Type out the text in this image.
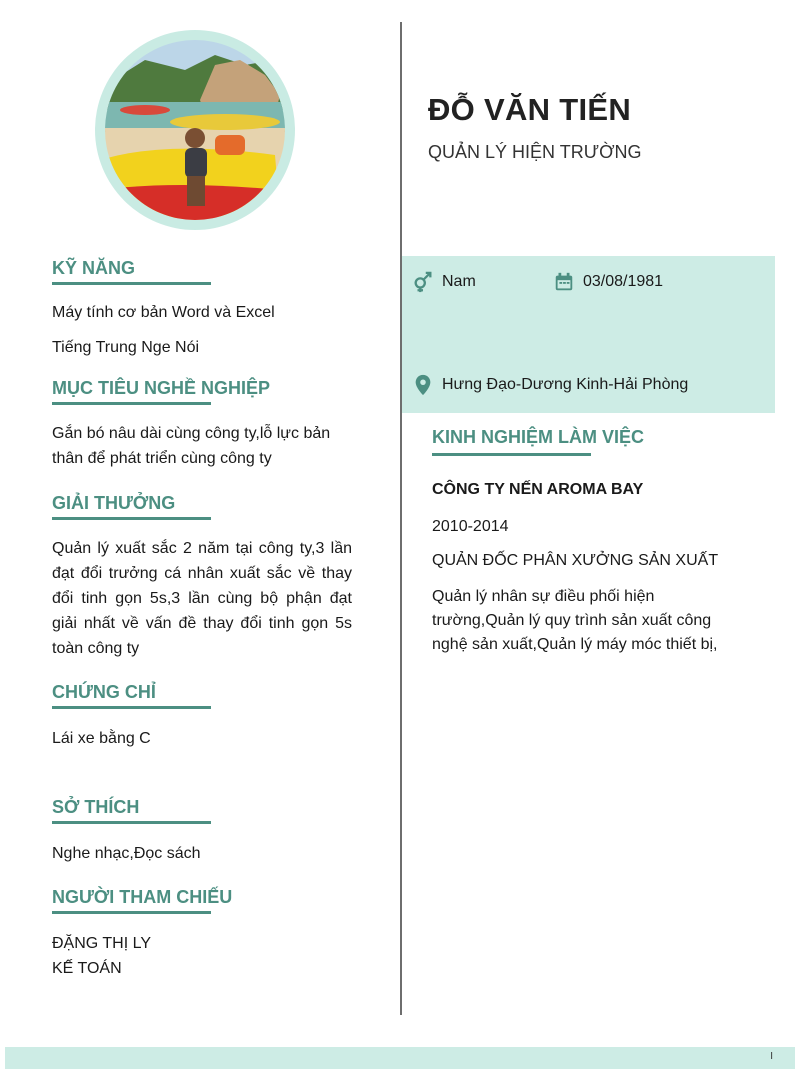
KỸ NĂNG
Máy tính cơ bản Word và Excel
Tiếng Trung Nge Nói
MỤC TIÊU NGHỀ NGHIỆP
Gắn bó nâu dài cùng công ty,lỗ lực bản thân để phát triển cùng công ty
GIẢI THƯỞNG
Quản lý xuất sắc 2 năm tại công ty,3 lần đạt đổi trưởng cá nhân xuất sắc về thay đổi tinh gọn 5s,3 lần cùng bộ phận đạt giải nhất về vấn đề thay đổi tinh gọn 5s toàn công ty
CHỨNG CHỈ
Lái xe bằng C
SỞ THÍCH
Nghe nhạc,Đọc sách
NGƯỜI THAM CHIẾU
ĐẶNG THỊ LY
KẾ TOÁN
ĐỖ VĂN TIẾN
QUẢN LÝ HIỆN TRƯỜNG
Nam	03/08/1981
Hưng Đạo-Dương Kinh-Hải Phòng
KINH NGHIỆM LÀM VIỆC
CÔNG TY NẾN AROMA BAY
2010-2014
QUẢN ĐỐC PHÂN XƯỞNG SẢN XUẤT
Quản lý nhân sự điều phối hiện trường,Quản lý quy trình sản xuất công nghệ sản xuất,Quản lý máy móc thiết bị,
I
